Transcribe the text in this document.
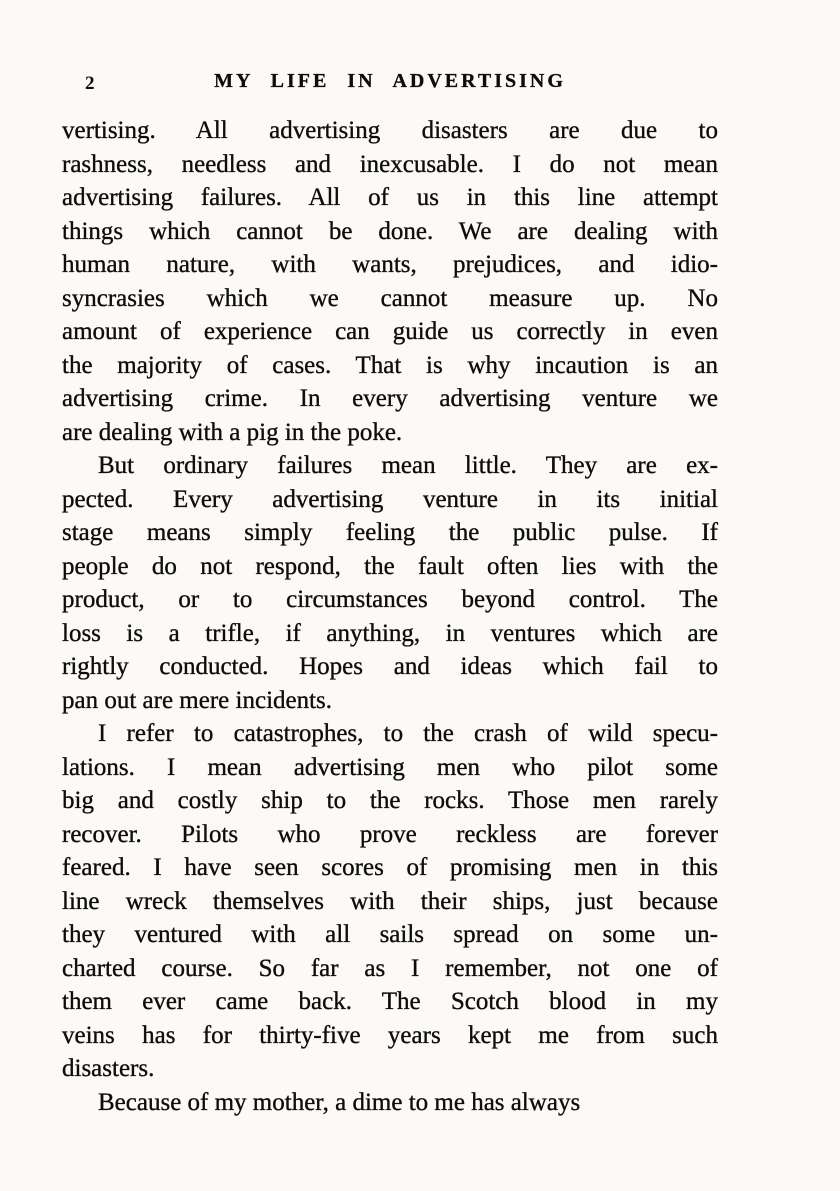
2	MY LIFE IN ADVERTISING
vertising. All advertising disasters are due to
rashness, needless and inexcusable. I do not mean
advertising failures. All of us in this line attempt
things which cannot be done. We are dealing with
human nature, with wants, prejudices, and idio-
syncrasies which we cannot measure up. No
amount of experience can guide us correctly in even
the majority of cases. That is why incaution is an
advertising crime. In every advertising venture we
are dealing with a pig in the poke.
But ordinary failures mean little. They are ex-
pected. Every advertising venture in its initial
stage means simply feeling the public pulse. If
people do not respond, the fault often lies with the
product, or to circumstances beyond control. The
loss is a trifle, if anything, in ventures which are
rightly conducted. Hopes and ideas which fail to
pan out are mere incidents.
I refer to catastrophes, to the crash of wild specu-
lations. I mean advertising men who pilot some
big and costly ship to the rocks. Those men rarely
recover. Pilots who prove reckless are forever
feared. I have seen scores of promising men in this
line wreck themselves with their ships, just because
they ventured with all sails spread on some un-
charted course. So far as I remember, not one of
them ever came back. The Scotch blood in my
veins has for thirty-five years kept me from such
disasters.
Because of my mother, a dime to me has always
